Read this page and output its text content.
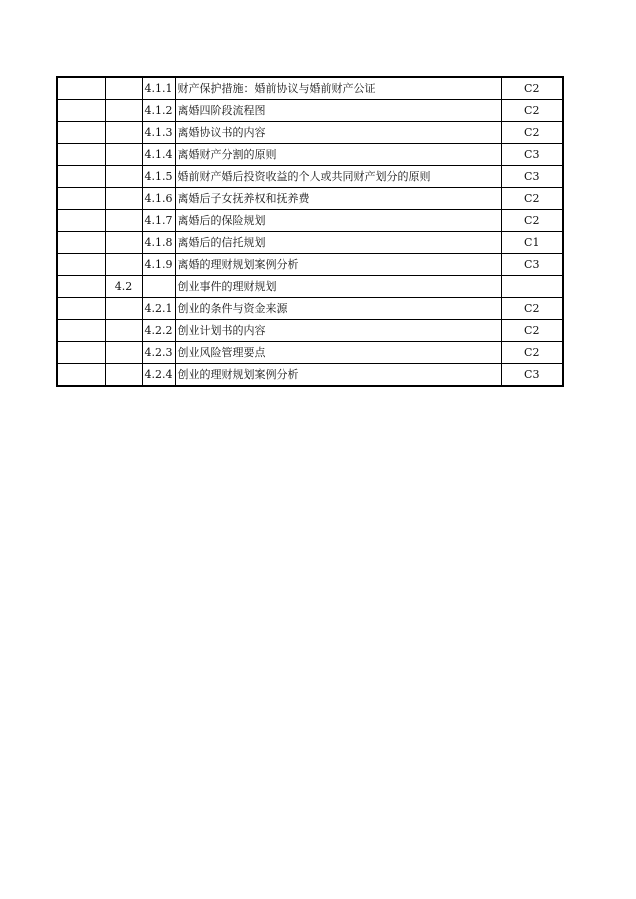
		4.1.1	财产保护措施：婚前协议与婚前财产公证	C2
		4.1.2	离婚四阶段流程图	C2
		4.1.3	离婚协议书的内容	C2
		4.1.4	离婚财产分割的原则	C3
		4.1.5	婚前财产婚后投资收益的个人或共同财产划分的原则	C3
		4.1.6	离婚后子女抚养权和抚养费	C2
		4.1.7	离婚后的保险规划	C2
		4.1.8	离婚后的信托规划	C1
		4.1.9	离婚的理财规划案例分析	C3
	4.2		创业事件的理财规划	
		4.2.1	创业的条件与资金来源	C2
		4.2.2	创业计划书的内容	C2
		4.2.3	创业风险管理要点	C2
		4.2.4	创业的理财规划案例分析	C3
